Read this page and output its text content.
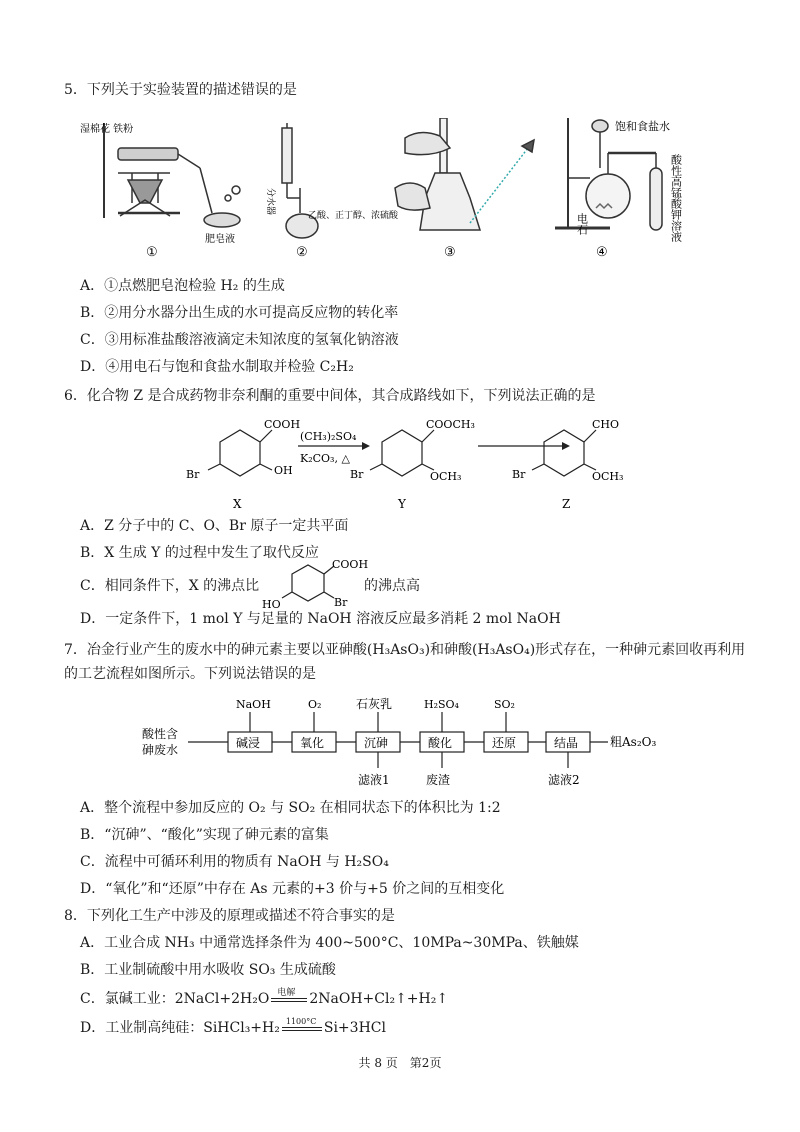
5．下列关于实验装置的描述错误的是
湿棉花 铁粉
肥皂液
①
分水器
乙酸、正丁醇、浓硫酸
②	③
饱和食盐水
电石	酸性高锰酸钾溶液
④
A．①点燃肥皂泡检验 H₂ 的生成
B．②用分水器分出生成的水可提高反应物的转化率
C．③用标准盐酸溶液滴定未知浓度的氢氧化钠溶液
D．④用电石与饱和食盐水制取并检验 C₂H₂
6．化合物 Z 是合成药物非奈利酮的重要中间体，其合成路线如下，下列说法正确的是
COOH
OH
Br
X
(CH₃)₂SO₄
K₂CO₃, △
COOCH₃
OCH₃
Br
Y
CHO
OCH₃
Br
Z
A．Z 分子中的 C、O、Br 原子一定共平面
B．X 生成 Y 的过程中发生了取代反应
C．相同条件下，X 的沸点比
COOH
Br
HO
的沸点高
D．一定条件下，1 mol Y 与足量的 NaOH 溶液反应最多消耗 2 mol NaOH
7．冶金行业产生的废水中的砷元素主要以亚砷酸(H₃AsO₃)和砷酸(H₃AsO₄)形式存在，一种砷元素回收再利用
的工艺流程如图所示。下列说法错误的是
酸性含
砷废水	碱浸	氧化	沉砷	酸化	还原	结晶
NaOH	O₂	石灰乳	H₂SO₄	SO₂
滤液1	废渣	滤液2
粗As₂O₃
A．整个流程中参加反应的 O₂ 与 SO₂ 在相同状态下的体积比为 1:2
B．“沉砷”、“酸化”实现了砷元素的富集
C．流程中可循环利用的物质有 NaOH 与 H₂SO₄
D．“氧化”和“还原”中存在 As 元素的+3 价与+5 价之间的互相变化
8．下列化工生产中涉及的原理或描述不符合事实的是
A．工业合成 NH₃ 中通常选择条件为 400~500°C、10MPa~30MPa、铁触媒
B．工业制硫酸中用水吸收 SO₃ 生成硫酸
C．氯碱工业：2NaCl+2H₂O 电解 2NaOH+Cl₂↑+H₂↑
D．工业制高纯硅：SiHCl₃+H₂ 1100°C Si+3HCl
共 8 页　第2页
